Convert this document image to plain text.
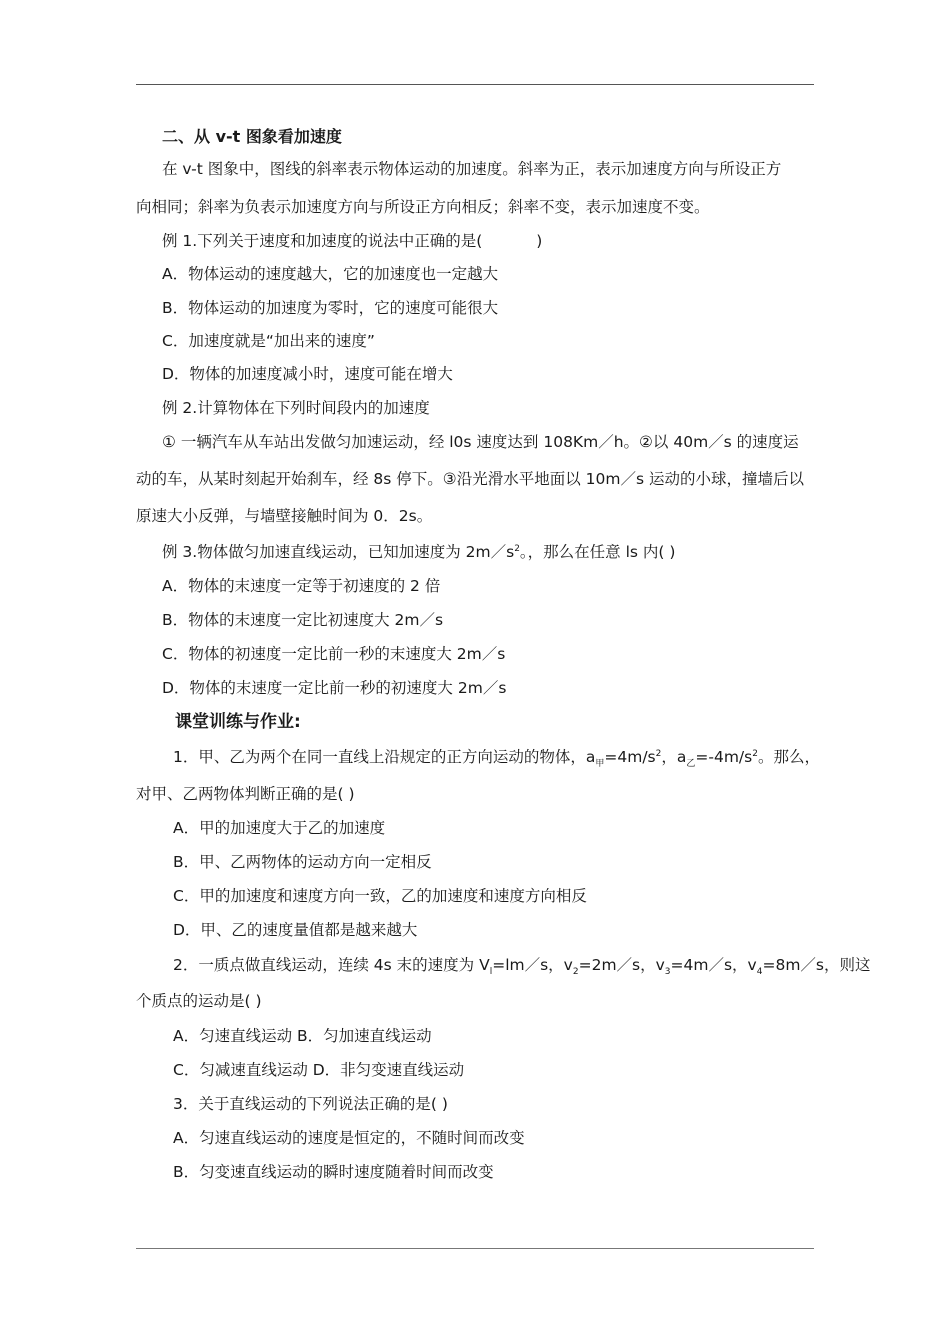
二、从 v-t 图象看加速度
在 v-t 图象中，图线的斜率表示物体运动的加速度。斜率为正，表示加速度方向与所设正方
向相同；斜率为负表示加速度方向与所设正方向相反；斜率不变，表示加速度不变。
例 1.下列关于速度和加速度的说法中正确的是(	)
A．物体运动的速度越大，它的加速度也一定越大
B．物体运动的加速度为零时，它的速度可能很大
C．加速度就是“加出来的速度”
D．物体的加速度减小时，速度可能在增大
例 2.计算物体在下列时间段内的加速度
① 一辆汽车从车站出发做匀加速运动，经 l0s 速度达到 108Km／h。②以 40m／s 的速度运
动的车，从某时刻起开始刹车，经 8s 停下。③沿光滑水平地面以 10m／s 运动的小球，撞墙后以
原速大小反弹，与墙壁接触时间为 0．2s。
例 3.物体做匀加速直线运动，已知加速度为 $2m/s^2$。，那么在任意 ls 内( )
A．物体的末速度一定等于初速度的 2 倍
B．物体的末速度一定比初速度大 2m／s
C．物体的初速度一定比前一秒的末速度大 2m／s
D．物体的末速度一定比前一秒的初速度大 2m／s
课堂训练与作业:
1．甲、乙为两个在同一直线上沿规定的正方向运动的物体，$a_甲=4m/s^2$，$a_乙=-4m/s^2$。那么，
对甲、乙两物体判断正确的是( )
A．甲的加速度大于乙的加速度
B．甲、乙两物体的运动方向一定相反
C．甲的加速度和速度方向一致，乙的加速度和速度方向相反
D．甲、乙的速度量值都是越来越大
2．一质点做直线运动，连续 4s 末的速度为 $V_l=lm/s$，$v_2=2m/s$，$v_3=4m/s$，$v_4=8m/s$，则这
个质点的运动是( )
A．匀速直线运动 B．匀加速直线运动
C．匀减速直线运动 D．非匀变速直线运动
3．关于直线运动的下列说法正确的是( )
A．匀速直线运动的速度是恒定的，不随时间而改变
B．匀变速直线运动的瞬时速度随着时间而改变
